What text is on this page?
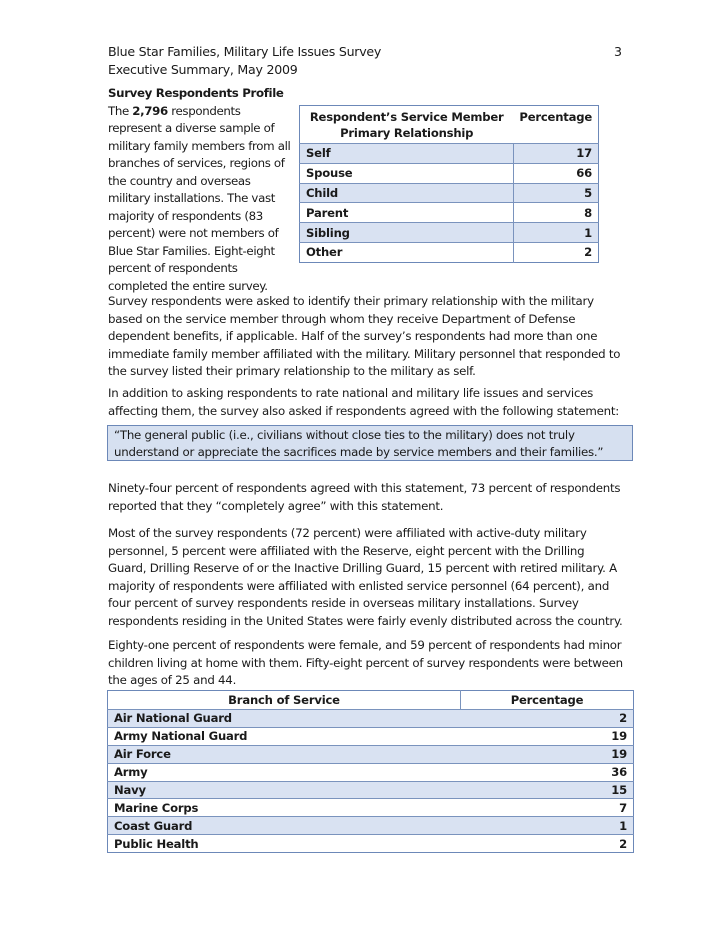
Blue Star Families, Military Life Issues Survey
Executive Summary, May 2009
3

Survey Respondents Profile
The 2,796 respondents represent a diverse sample of military family members from all branches of services, regions of the country and overseas military installations. The vast majority of respondents (83 percent) were not members of Blue Star Families. Eight-eight percent of respondents completed the entire survey.

Respondent’s Service Member Primary Relationship	Percentage
Self	17
Spouse	66
Child	5
Parent	8
Sibling	1
Other	2

Survey respondents were asked to identify their primary relationship with the military based on the service member through whom they receive Department of Defense dependent benefits, if applicable. Half of the survey’s respondents had more than one immediate family member affiliated with the military. Military personnel that responded to the survey listed their primary relationship to the military as self.

In addition to asking respondents to rate national and military life issues and services affecting them, the survey also asked if respondents agreed with the following statement:

“The general public (i.e., civilians without close ties to the military) does not truly understand or appreciate the sacrifices made by service members and their families.”

Ninety-four percent of respondents agreed with this statement, 73 percent of respondents reported that they “completely agree” with this statement.

Most of the survey respondents (72 percent) were affiliated with active-duty military personnel, 5 percent were affiliated with the Reserve, eight percent with the Drilling Guard, Drilling Reserve of or the Inactive Drilling Guard, 15 percent with retired military. A majority of respondents were affiliated with enlisted service personnel (64 percent), and four percent of survey respondents reside in overseas military installations. Survey respondents residing in the United States were fairly evenly distributed across the country.

Eighty-one percent of respondents were female, and 59 percent of respondents had minor children living at home with them. Fifty-eight percent of survey respondents were between the ages of 25 and 44.

Branch of Service	Percentage
Air National Guard	2
Army National Guard	19
Air Force	19
Army	36
Navy	15
Marine Corps	7
Coast Guard	1
Public Health	2
